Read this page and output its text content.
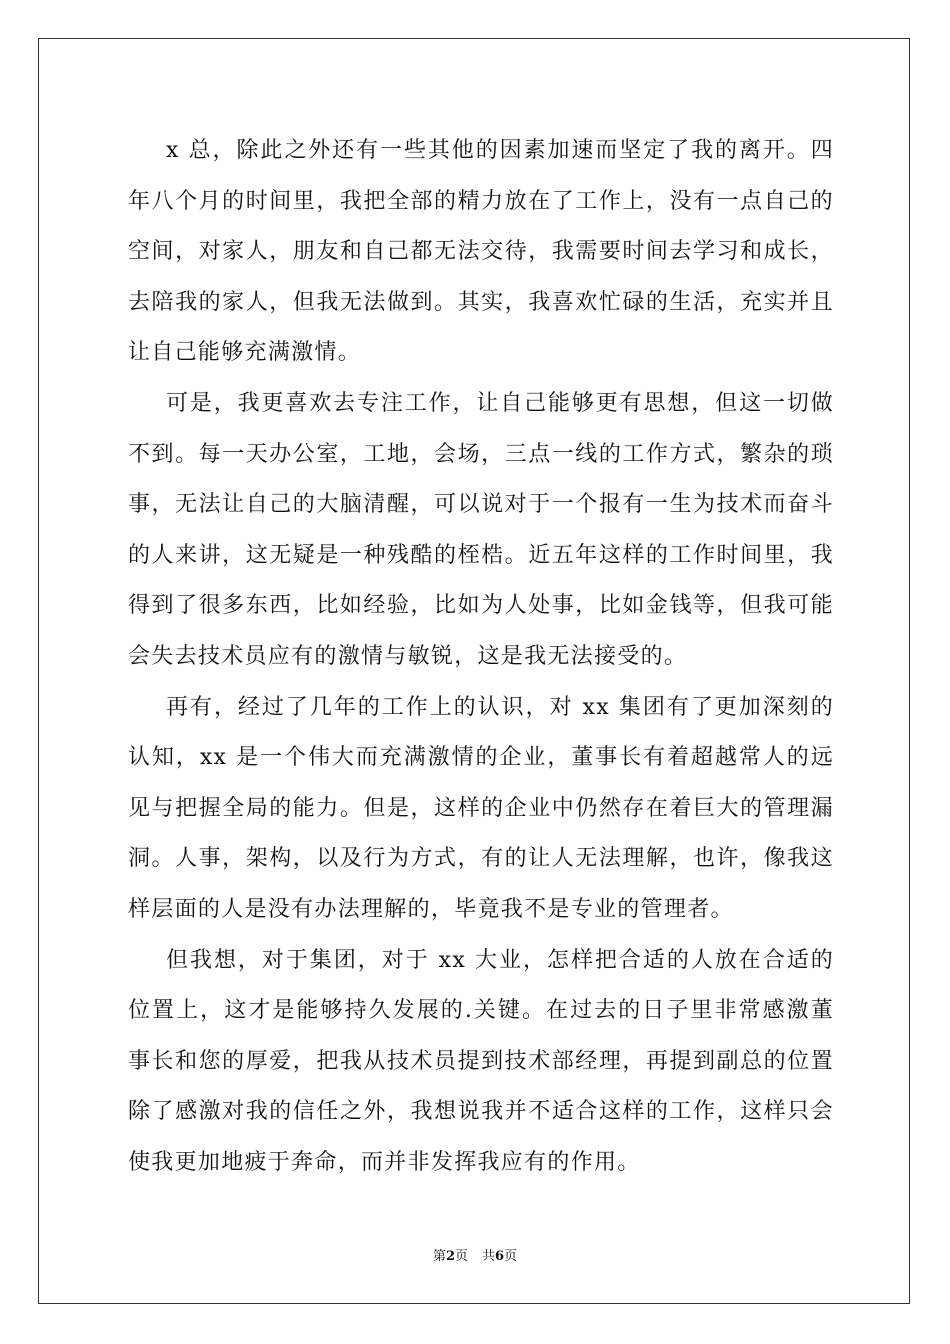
x 总，除此之外还有一些其他的因素加速而坚定了我的离开。四
年八个月的时间里，我把全部的精力放在了工作上，没有一点自己的
空间，对家人，朋友和自己都无法交待，我需要时间去学习和成长，
去陪我的家人，但我无法做到。其实，我喜欢忙碌的生活，充实并且
让自己能够充满激情。
可是，我更喜欢去专注工作，让自己能够更有思想，但这一切做
不到。每一天办公室，工地，会场，三点一线的工作方式，繁杂的琐
事，无法让自己的大脑清醒，可以说对于一个报有一生为技术而奋斗
的人来讲，这无疑是一种残酷的桎梏。近五年这样的工作时间里，我
得到了很多东西，比如经验，比如为人处事，比如金钱等，但我可能
会失去技术员应有的激情与敏锐，这是我无法接受的。
再有，经过了几年的工作上的认识，对 xx 集团有了更加深刻的
认知，xx 是一个伟大而充满激情的企业，董事长有着超越常人的远
见与把握全局的能力。但是，这样的企业中仍然存在着巨大的管理漏
洞。人事，架构，以及行为方式，有的让人无法理解，也许，像我这
样层面的人是没有办法理解的，毕竟我不是专业的管理者。
但我想，对于集团，对于 xx 大业，怎样把合适的人放在合适的
位置上，这才是能够持久发展的.关键。在过去的日子里非常感激董
事长和您的厚爱，把我从技术员提到技术部经理，再提到副总的位置
除了感激对我的信任之外，我想说我并不适合这样的工作，这样只会
使我更加地疲于奔命，而并非发挥我应有的作用。
第2页 共6页
